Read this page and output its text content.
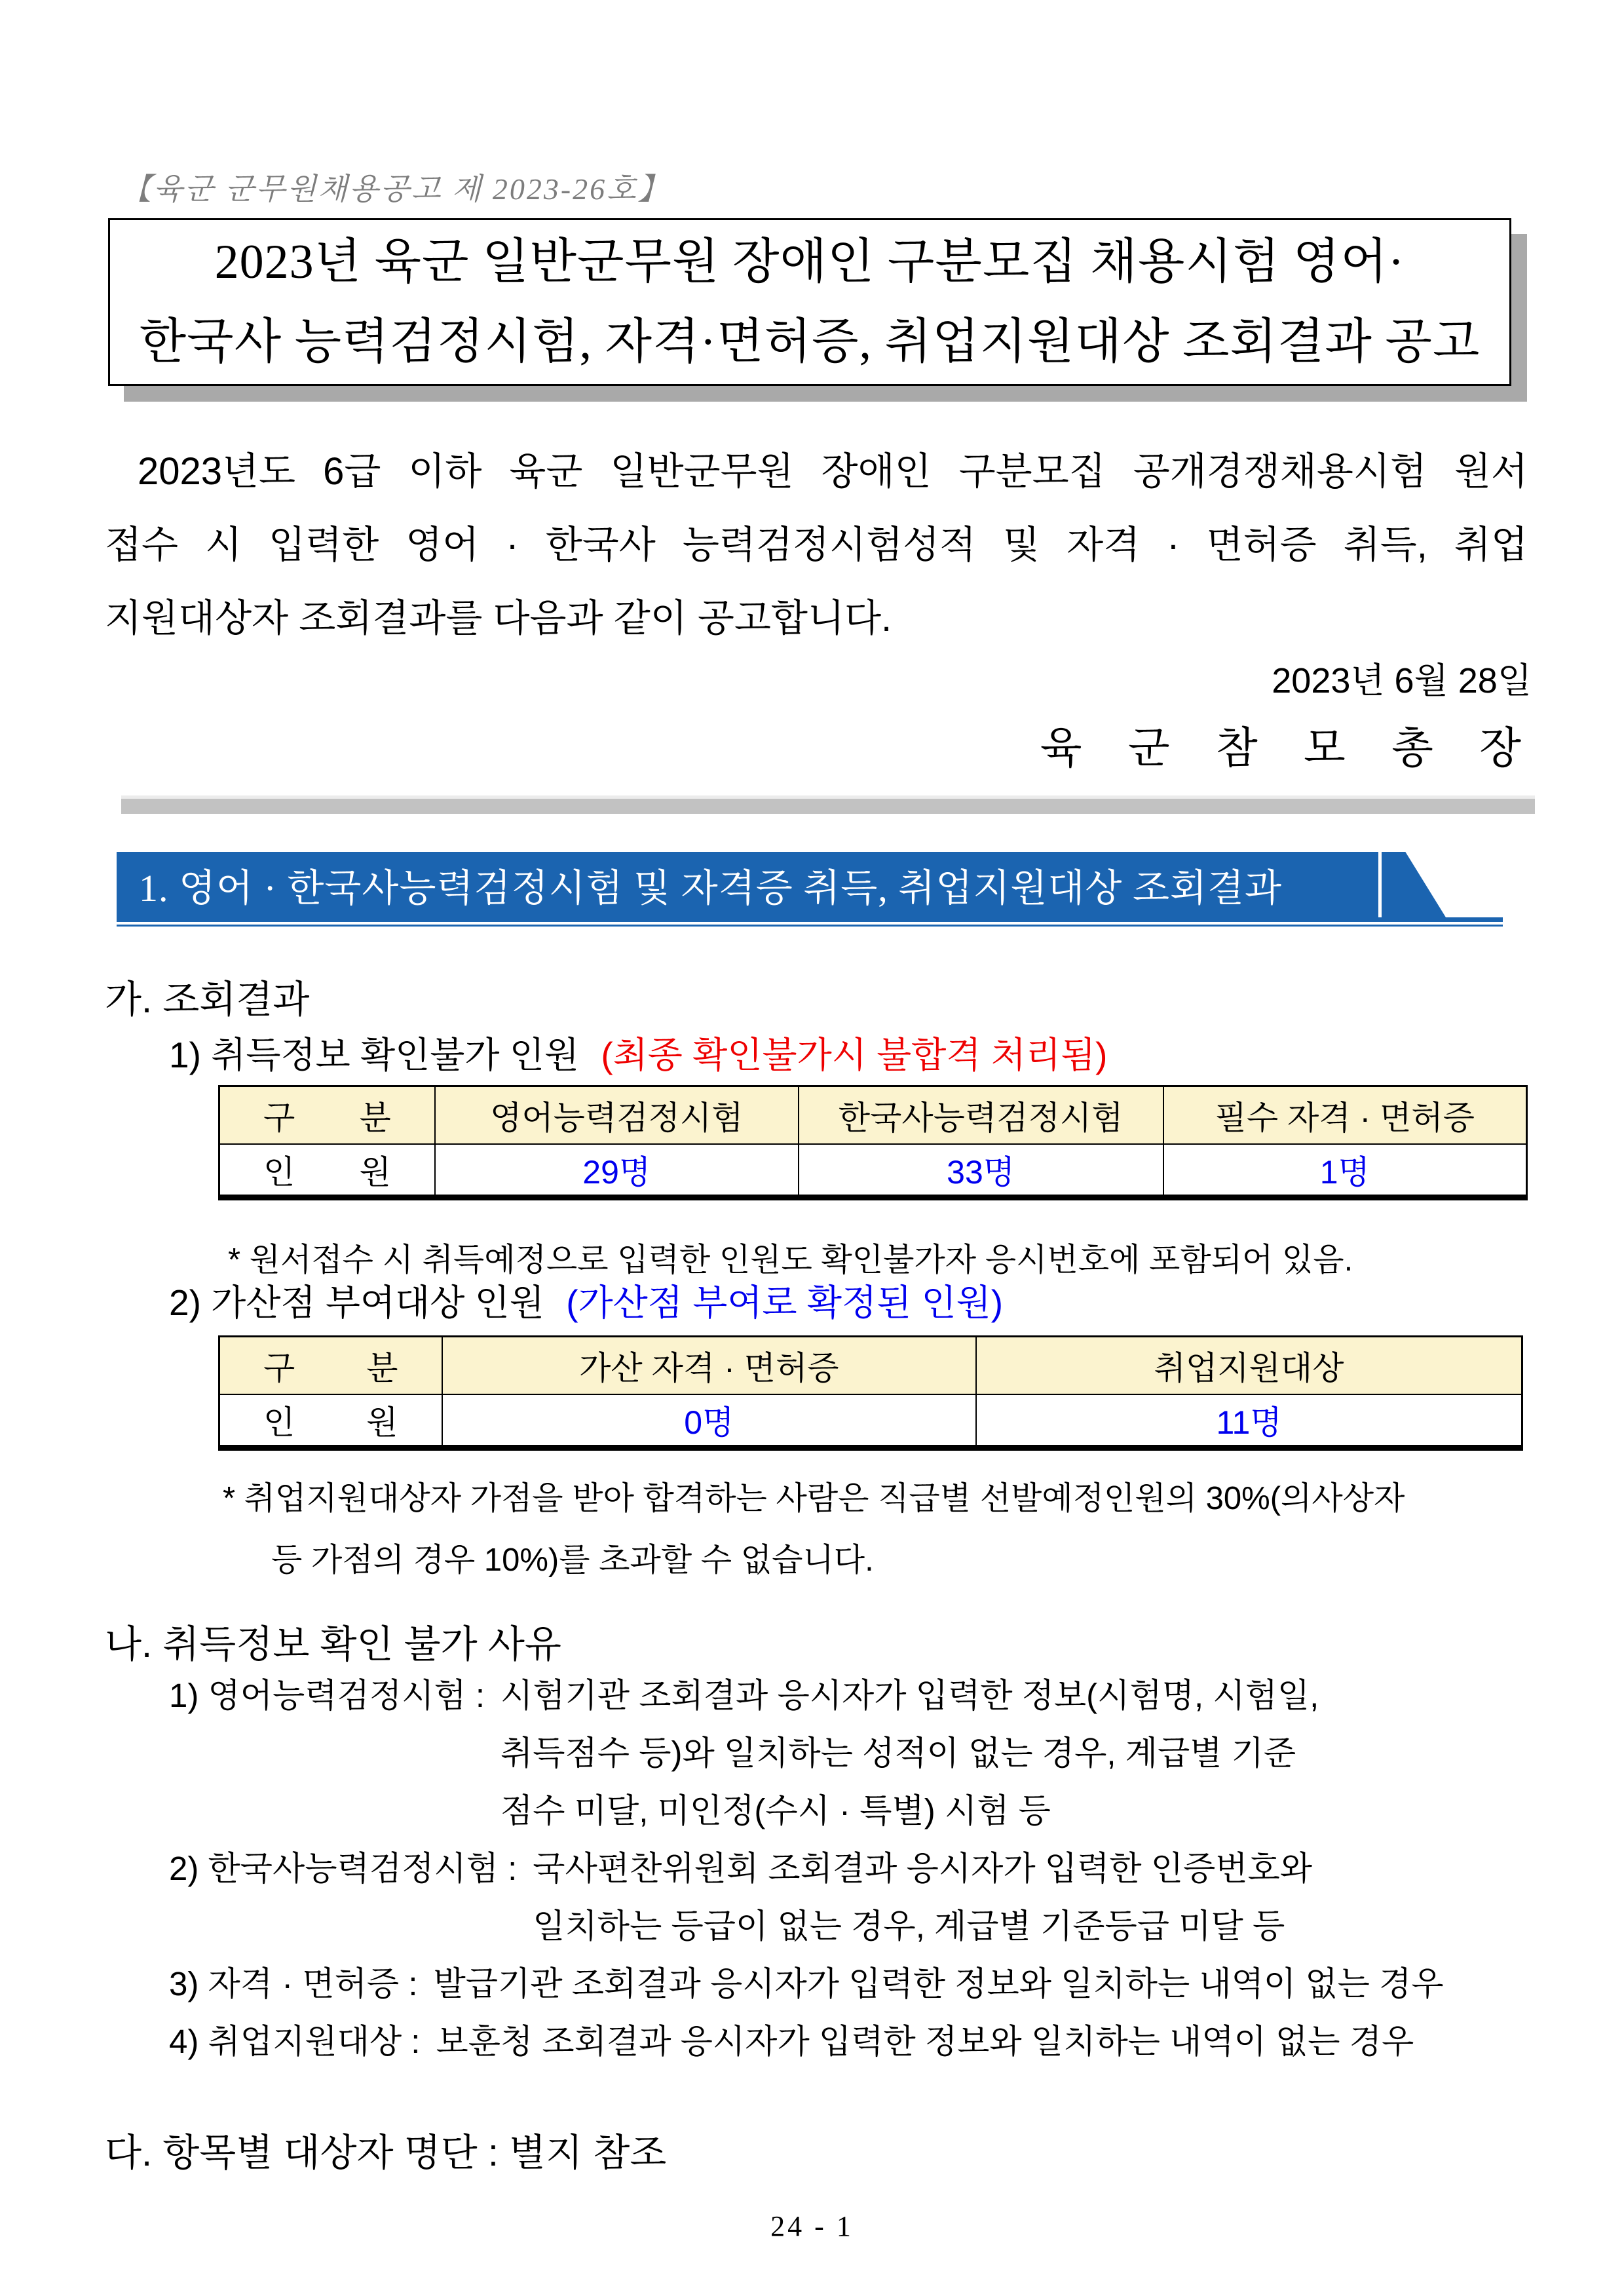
【육군 군무원채용공고 제 2023-26호】
2023년 육군 일반군무원 장애인 구분모집 채용시험 영어·
한국사 능력검정시험, 자격·면허증, 취업지원대상 조회결과 공고
2023년도 6급 이하 육군 일반군무원 장애인 구분모집 공개경쟁채용시험 원서
접수 시 입력한 영어 · 한국사 능력검정시험성적 및 자격 · 면허증 취득, 취업
지원대상자 조회결과를 다음과 같이 공고합니다.
2023년 6월 28일
육 군 참 모 총 장
1. 영어 · 한국사능력검정시험 및 자격증 취득, 취업지원대상 조회결과
가. 조회결과
1) 취득정보 확인불가 인원 (최종 확인불가시 불합격 처리됨)
구 분	영어능력검정시험	한국사능력검정시험	필수 자격 · 면허증
인 원	29명	33명	1명
* 원서접수 시 취득예정으로 입력한 인원도 확인불가자 응시번호에 포함되어 있음.
2) 가산점 부여대상 인원 (가산점 부여로 확정된 인원)
구 분	가산 자격 · 면허증	취업지원대상
인 원	0명	11명
* 취업지원대상자 가점을 받아 합격하는 사람은 직급별 선발예정인원의 30%(의사상자
등 가점의 경우 10%)를 초과할 수 없습니다.
나. 취득정보 확인 불가 사유
1) 영어능력검정시험 : 시험기관 조회결과 응시자가 입력한 정보(시험명, 시험일,
취득점수 등)와 일치하는 성적이 없는 경우, 계급별 기준
점수 미달, 미인정(수시 · 특별) 시험 등
2) 한국사능력검정시험 : 국사편찬위원회 조회결과 응시자가 입력한 인증번호와
일치하는 등급이 없는 경우, 계급별 기준등급 미달 등
3) 자격 · 면허증 : 발급기관 조회결과 응시자가 입력한 정보와 일치하는 내역이 없는 경우
4) 취업지원대상 : 보훈청 조회결과 응시자가 입력한 정보와 일치하는 내역이 없는 경우
다. 항목별 대상자 명단 : 별지 참조
24 - 1
